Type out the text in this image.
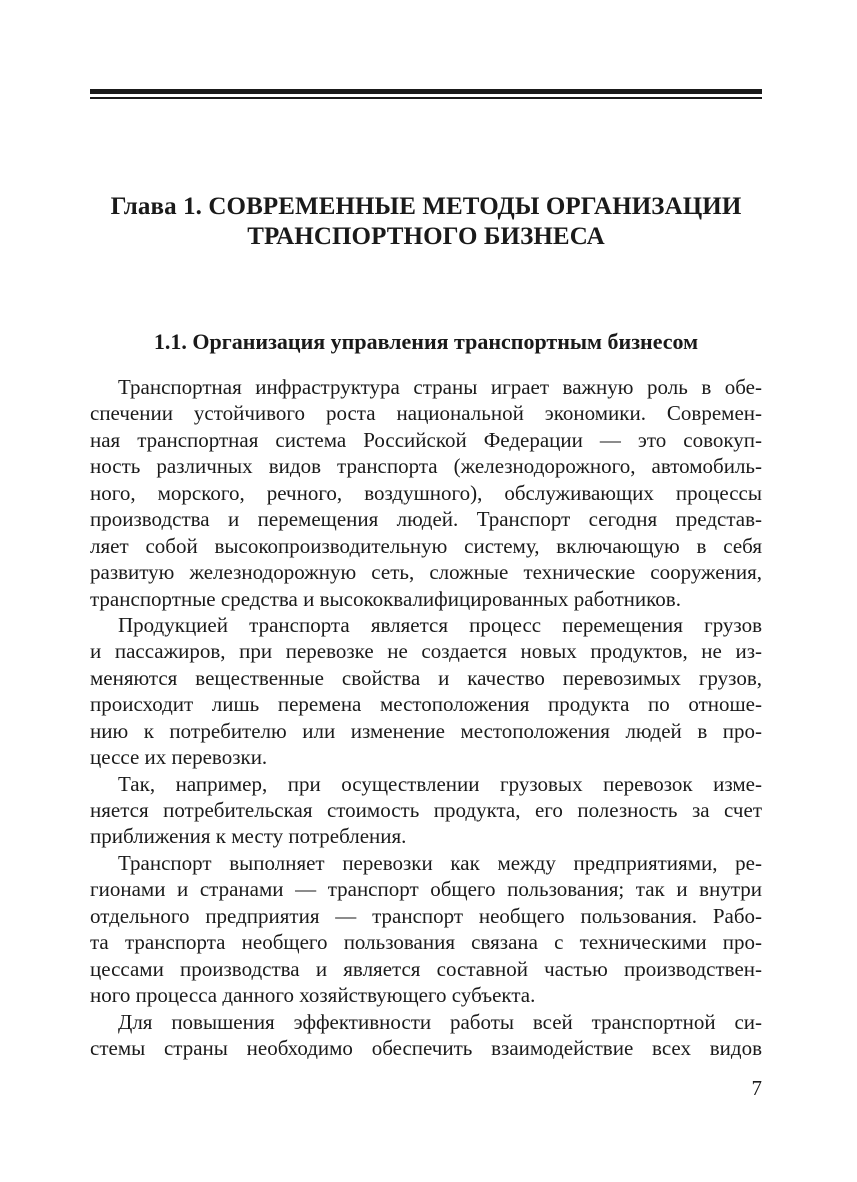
Глава 1. СОВРЕМЕННЫЕ МЕТОДЫ ОРГАНИЗАЦИИ
ТРАНСПОРТНОГО БИЗНЕСА
1.1. Организация управления транспортным бизнесом
Транспортная инфраструктура страны играет важную роль в обе-
спечении устойчивого роста национальной экономики. Современ-
ная транспортная система Российской Федерации — это совокуп-
ность различных видов транспорта (железнодорожного, автомобиль-
ного, морского, речного, воздушного), обслуживающих процессы
производства и перемещения людей. Транспорт сегодня представ-
ляет собой высокопроизводительную систему, включающую в себя
развитую железнодорожную сеть, сложные технические сооружения,
транспортные средства и высококвалифицированных работников.
Продукцией транспорта является процесс перемещения грузов
и пассажиров, при перевозке не создается новых продуктов, не из-
меняются вещественные свойства и качество перевозимых грузов,
происходит лишь перемена местоположения продукта по отноше-
нию к потребителю или изменение местоположения людей в про-
цессе их перевозки.
Так, например, при осуществлении грузовых перевозок изме-
няется потребительская стоимость продукта, его полезность за счет
приближения к месту потребления.
Транспорт выполняет перевозки как между предприятиями, ре-
гионами и странами — транспорт общего пользования; так и внутри
отдельного предприятия — транспорт необщего пользования. Рабо-
та транспорта необщего пользования связана с техническими про-
цессами производства и является составной частью производствен-
ного процесса данного хозяйствующего субъекта.
Для повышения эффективности работы всей транспортной си-
стемы страны необходимо обеспечить взаимодействие всех видов
7
